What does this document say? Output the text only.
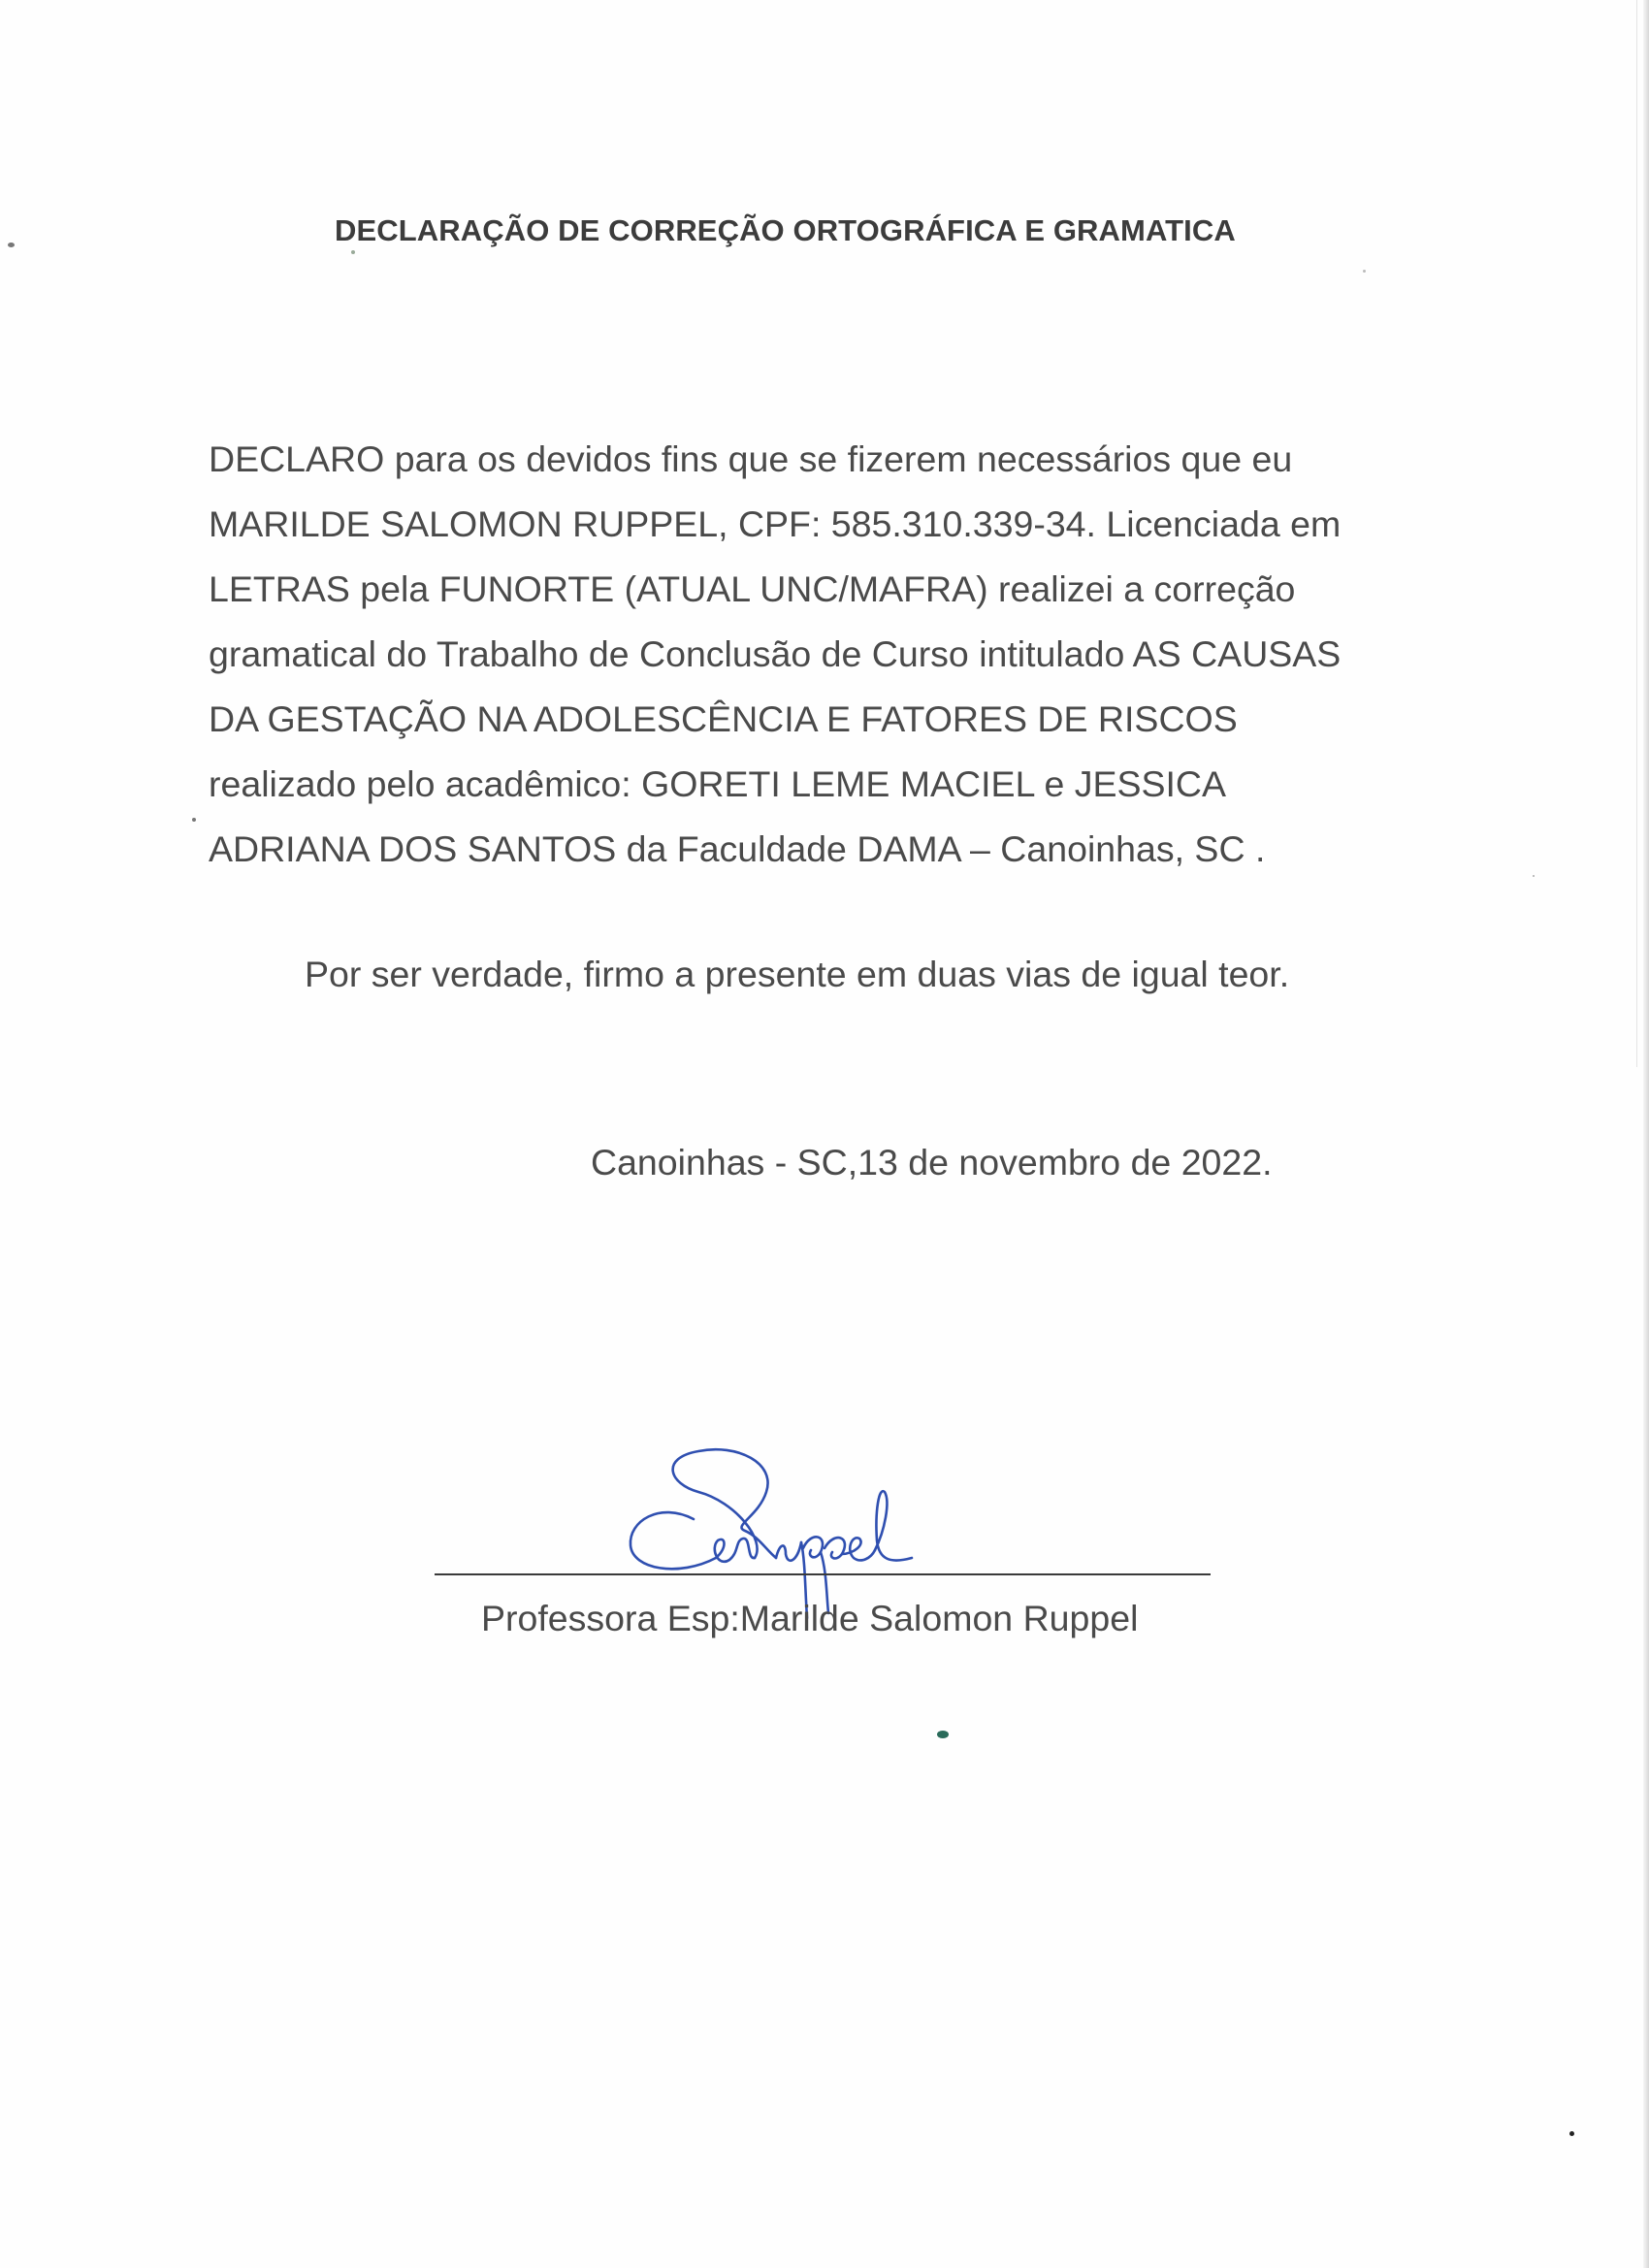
DECLARAÇÃO DE CORREÇÃO ORTOGRÁFICA E GRAMATICA
DECLARO para os devidos fins que se fizerem necessários que eu
MARILDE SALOMON RUPPEL, CPF: 585.310.339-34. Licenciada em
LETRAS pela FUNORTE (ATUAL UNC/MAFRA) realizei a correção
gramatical do Trabalho de Conclusão de Curso intitulado AS CAUSAS
DA GESTAÇÃO NA ADOLESCÊNCIA E FATORES DE RISCOS
realizado pelo acadêmico: GORETI LEME MACIEL e JESSICA
ADRIANA DOS SANTOS da Faculdade DAMA – Canoinhas, SC .
Por ser verdade, firmo a presente em duas vias de igual teor.
Canoinhas - SC,13 de novembro de 2022.
Professora Esp:Marilde Salomon Ruppel
